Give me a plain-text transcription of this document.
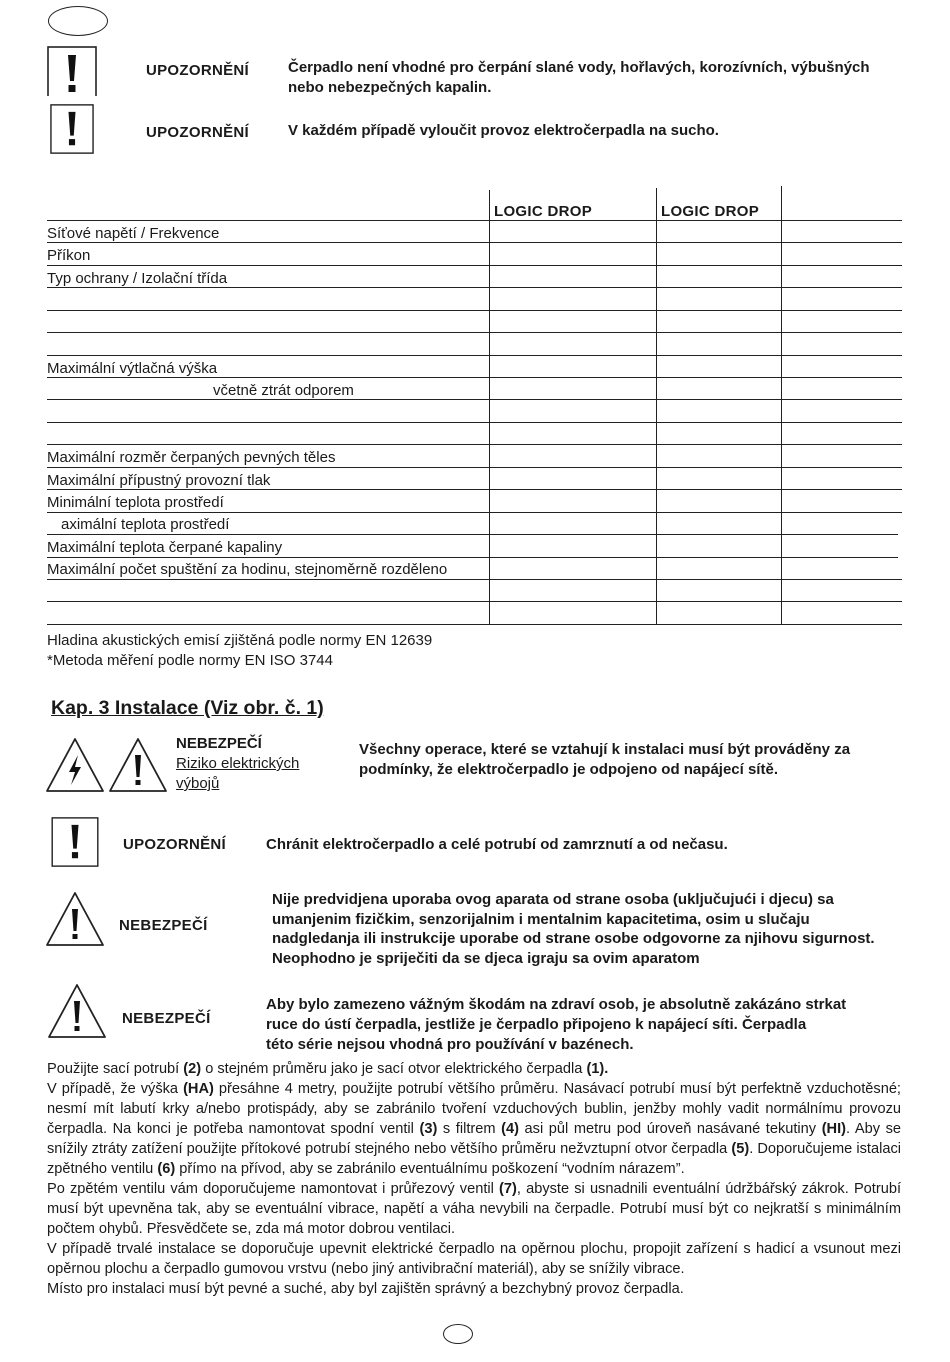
UPOZORNĚNÍ	Čerpadlo není vhodné pro čerpání slané vody, hořlavých, korozívních, výbušných
nebo nebezpečných kapalin.
UPOZORNĚNÍ	V každém případě vyloučit provoz elektročerpadla na sucho.
LOGIC DROP	LOGIC DROP
Síťové napětí / Frekvence
Příkon
Typ ochrany / Izolační třída
Maximální výtlačná výška
včetně ztrát odporem
Maximální rozměr čerpaných pevných těles
Maximální přípustný provozní tlak
Minimální teplota prostředí
aximální teplota prostředí
Maximální teplota čerpané kapaliny
Maximální počet spuštění za hodinu, stejnoměrně rozděleno
Hladina akustických emisí zjištěná podle normy EN 12639
*Metoda měření podle normy EN ISO 3744
Kap. 3 Instalace (Viz obr. č. 1)
NEBEZPEČÍ
Riziko elektrických
výbojů
Všechny operace, které se vztahují k instalaci musí být prováděny za
podmínky, že elektročerpadlo je odpojeno od napájecí sítě.
UPOZORNĚNÍ	Chránit elektročerpadlo a celé potrubí od zamrznutí a od nečasu.
NEBEZPEČÍ
Nije predvidjena uporaba ovog aparata od strane osoba (uključujući i djecu) sa
umanjenim fizičkim, senzorijalnim i mentalnim kapacitetima, osim u slučaju
nadgledanja ili instrukcije uporabe od strane osobe odgovorne za njihovu sigurnost.
Neophodno je spriječiti da se djeca igraju sa ovim aparatom
NEBEZPEČÍ
Aby bylo zamezeno vážným škodám na zdraví osob, je absolutně zakázáno strkat
ruce do ústí čerpadla, jestliže je čerpadlo připojeno k napájecí síti. Čerpadla
této série nejsou vhodná pro používání v bazénech.

Použijte sací potrubí (2) o stejném průměru jako je sací otvor elektrického čerpadla (1).

V případě, že výška (HA) přesáhne 4 metry, použijte potrubí většího průměru. Nasávací potrubí musí být perfektně vzduchotěsné; nesmí mít labutí krky a/nebo protispády, aby se zabránilo tvoření vzduchových bublin, jenžby mohly vadit normálnímu provozu čerpadla. Na konci je potřeba namontovat spodní ventil (3) s filtrem (4) asi půl metru pod úroveň nasávané tekutiny (HI). Aby se snížily ztráty zatížení použijte přítokové potrubí stejného nebo většího průměru nežvztupní otvor čerpadla (5). Doporučujeme istalaci zpětného ventilu (6) přímo na přívod, aby se zabránilo eventuálnímu poškození “vodním nárazem”.

Po zpětém ventilu vám doporučujeme namontovat i průřezový ventil (7), abyste si usnadnili eventuální údržbářský zákrok. Potrubí musí být upevněna tak, aby se eventuální vibrace, napětí a váha nevybili na čerpadle. Potrubí musí být co nejkratší s minimálním počtem ohybů. Přesvědčete se, zda má motor dobrou ventilaci.

V případě trvalé instalace se doporučuje upevnit elektrické čerpadlo na opěrnou plochu, propojit zařízení s hadicí a vsunout mezi opěrnou plochu a čerpadlo gumovou vrstvu (nebo jiný antivibrační materiál), aby se snížily vibrace.

Místo pro instalaci musí být pevné a suché, aby byl zajištěn správný a bezchybný provoz čerpadla.
